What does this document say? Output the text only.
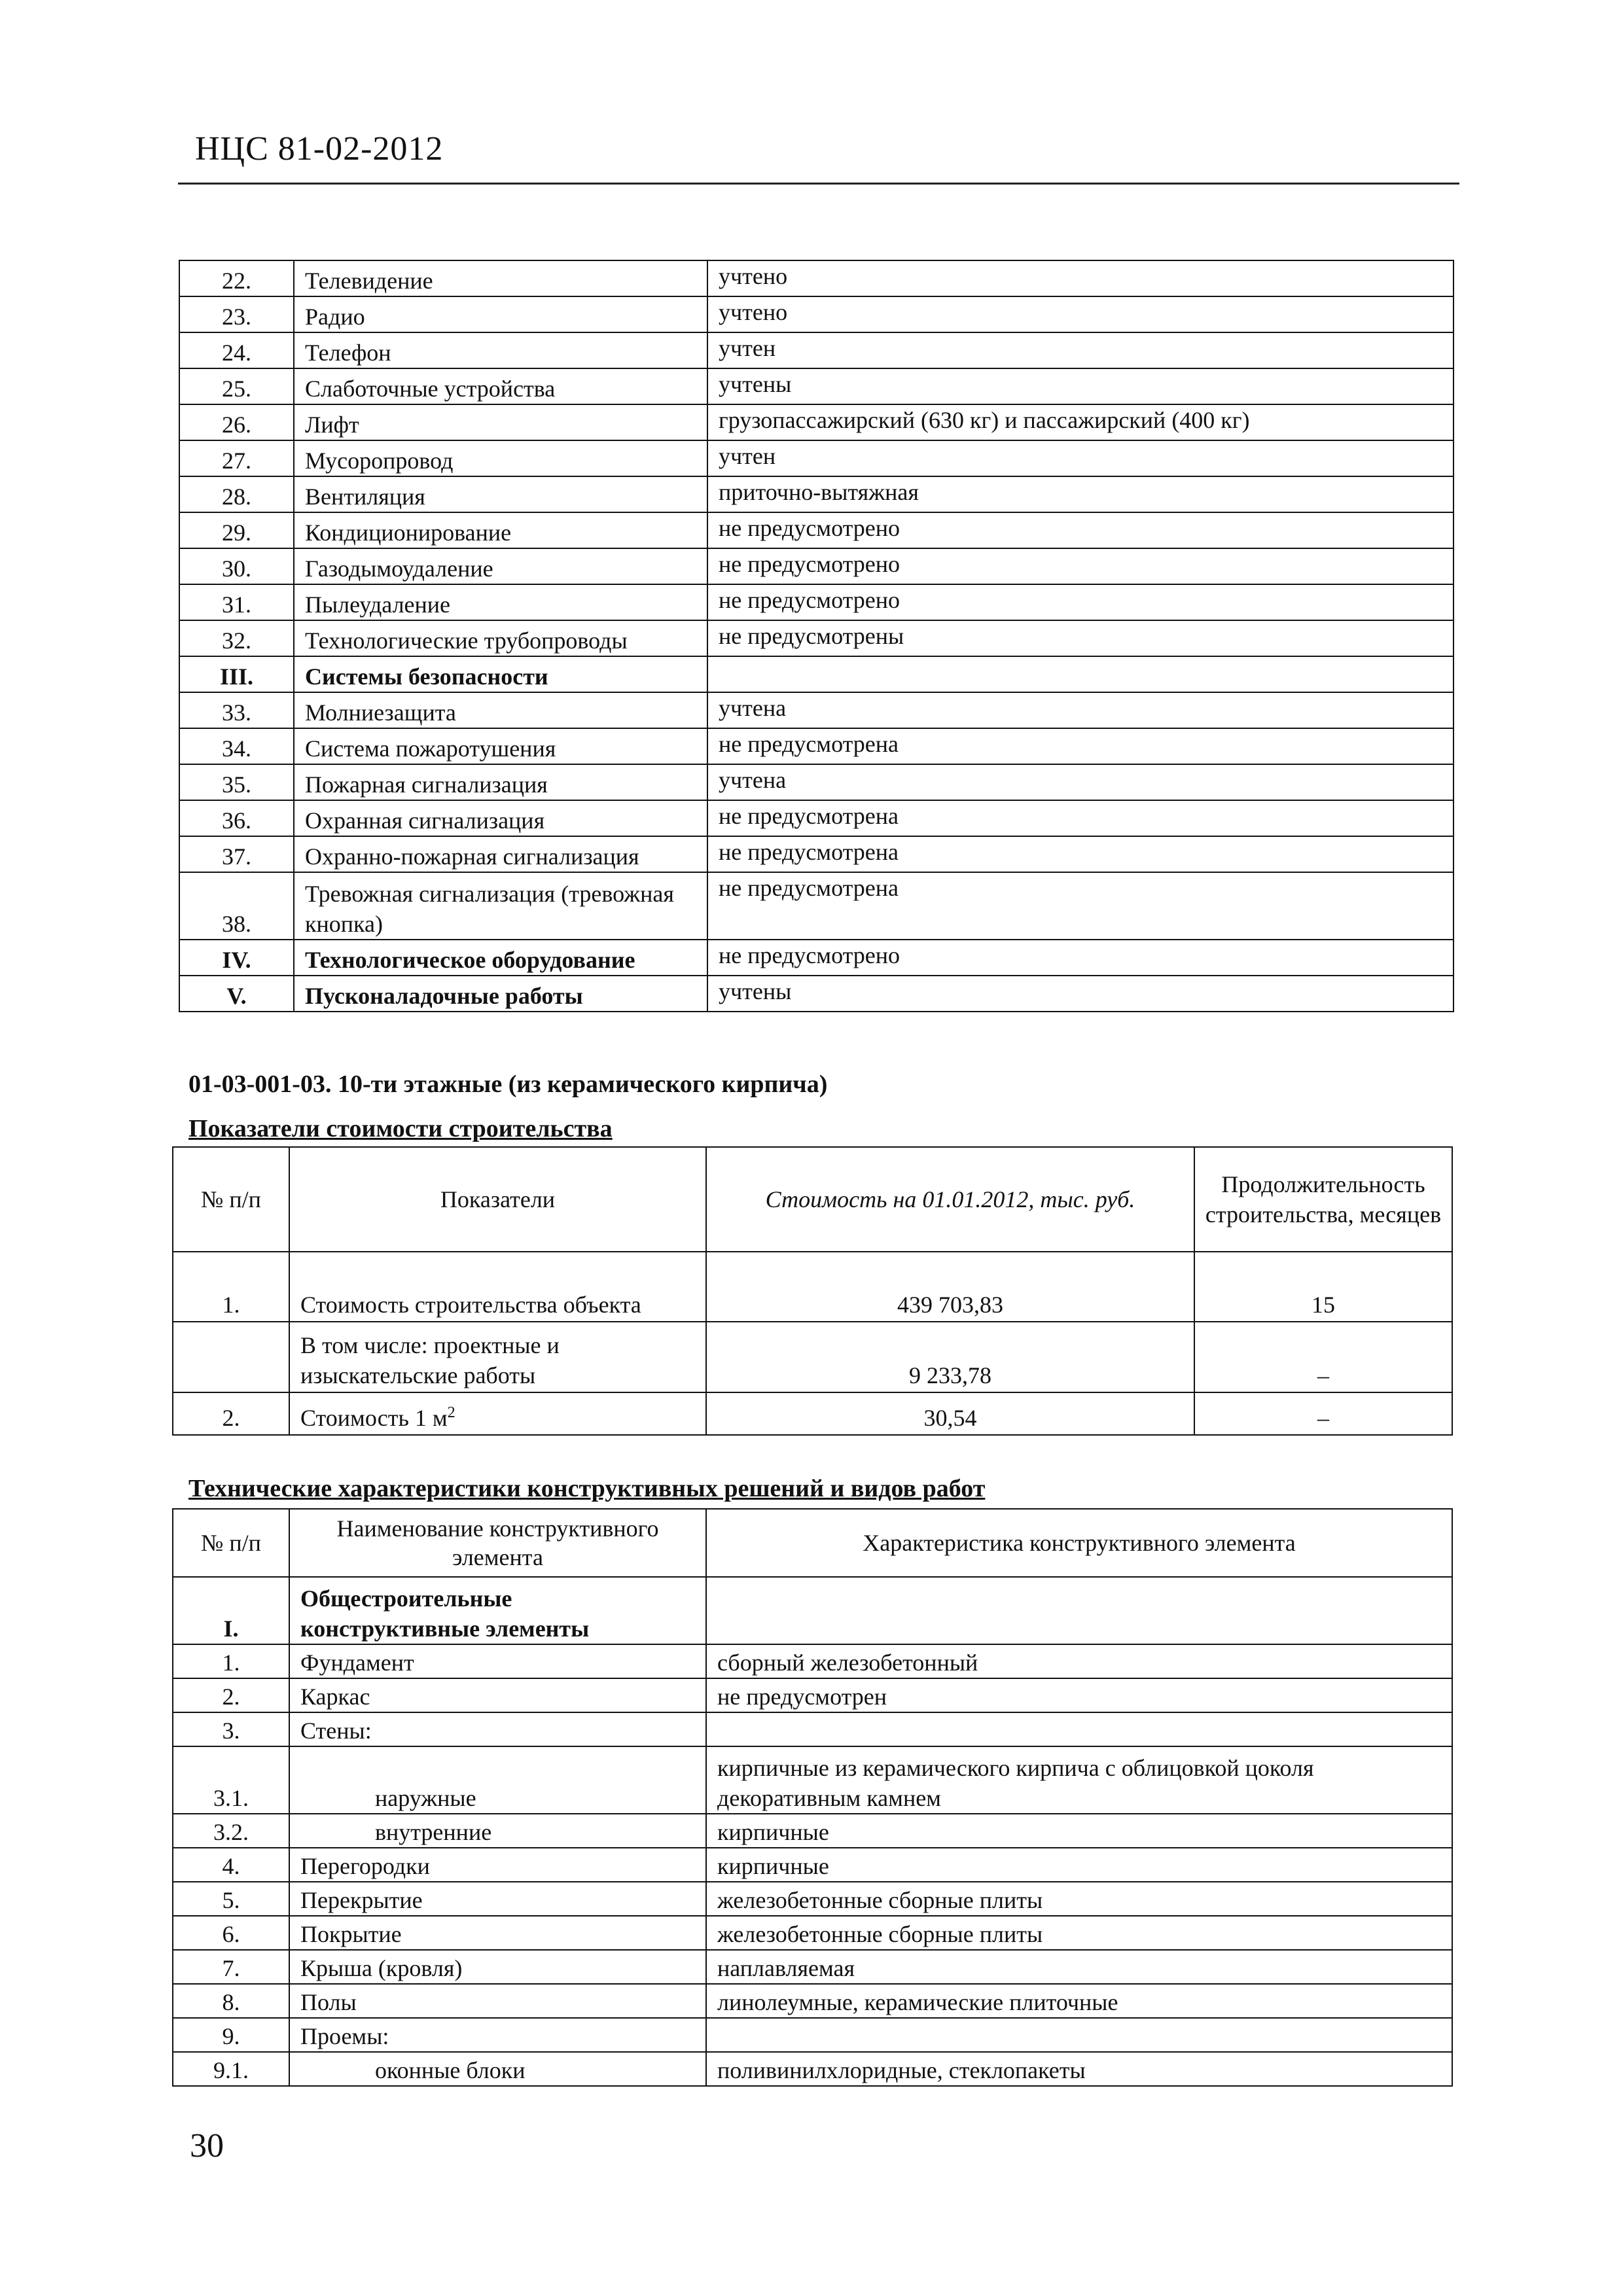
НЦС 81-02-2012
22.	Телевидение	учтено
23.	Радио	учтено
24.	Телефон	учтен
25.	Слаботочные устройства	учтены
26.	Лифт	грузопассажирский (630 кг) и пассажирский (400 кг)
27.	Мусоропровод	учтен
28.	Вентиляция	приточно-вытяжная
29.	Кондиционирование	не предусмотрено
30.	Газодымоудаление	не предусмотрено
31.	Пылеудаление	не предусмотрено
32.	Технологические трубопроводы	не предусмотрены
III.	Системы безопасности	
33.	Молниезащита	учтена
34.	Система пожаротушения	не предусмотрена
35.	Пожарная сигнализация	учтена
36.	Охранная сигнализация	не предусмотрена
37.	Охранно-пожарная сигнализация	не предусмотрена
38.	Тревожная сигнализация (тревожная кнопка)	не предусмотрена
IV.	Технологическое оборудование	не предусмотрено
V.	Пусконаладочные работы	учтены
01-03-001-03. 10-ти этажные (из керамического кирпича)
Показатели стоимости строительства
№ п/п	Показатели	Стоимость на 01.01.2012, тыс. руб.	Продолжительность строительства, месяцев
1.	Стоимость строительства объекта	439 703,83	15
	В том числе: проектные и изыскательские работы	9 233,78	–
2.	Стоимость 1 $м^2$	30,54	–
Технические характеристики конструктивных решений и видов работ
№ п/п	Наименование конструктивного элемента	Характеристика конструктивного элемента
I.	Общестроительные конструктивные элементы	
1.	Фундамент	сборный железобетонный
2.	Каркас	не предусмотрен
3.	Стены:	
3.1.	наружные	кирпичные из керамического кирпича с облицовкой цоколя декоративным камнем
3.2.	внутренние	кирпичные
4.	Перегородки	кирпичные
5.	Перекрытие	железобетонные сборные плиты
6.	Покрытие	железобетонные сборные плиты
7.	Крыша (кровля)	наплавляемая
8.	Полы	линолеумные, керамические плиточные
9.	Проемы:	
9.1.	оконные блоки	поливинилхлоридные, стеклопакеты
30
